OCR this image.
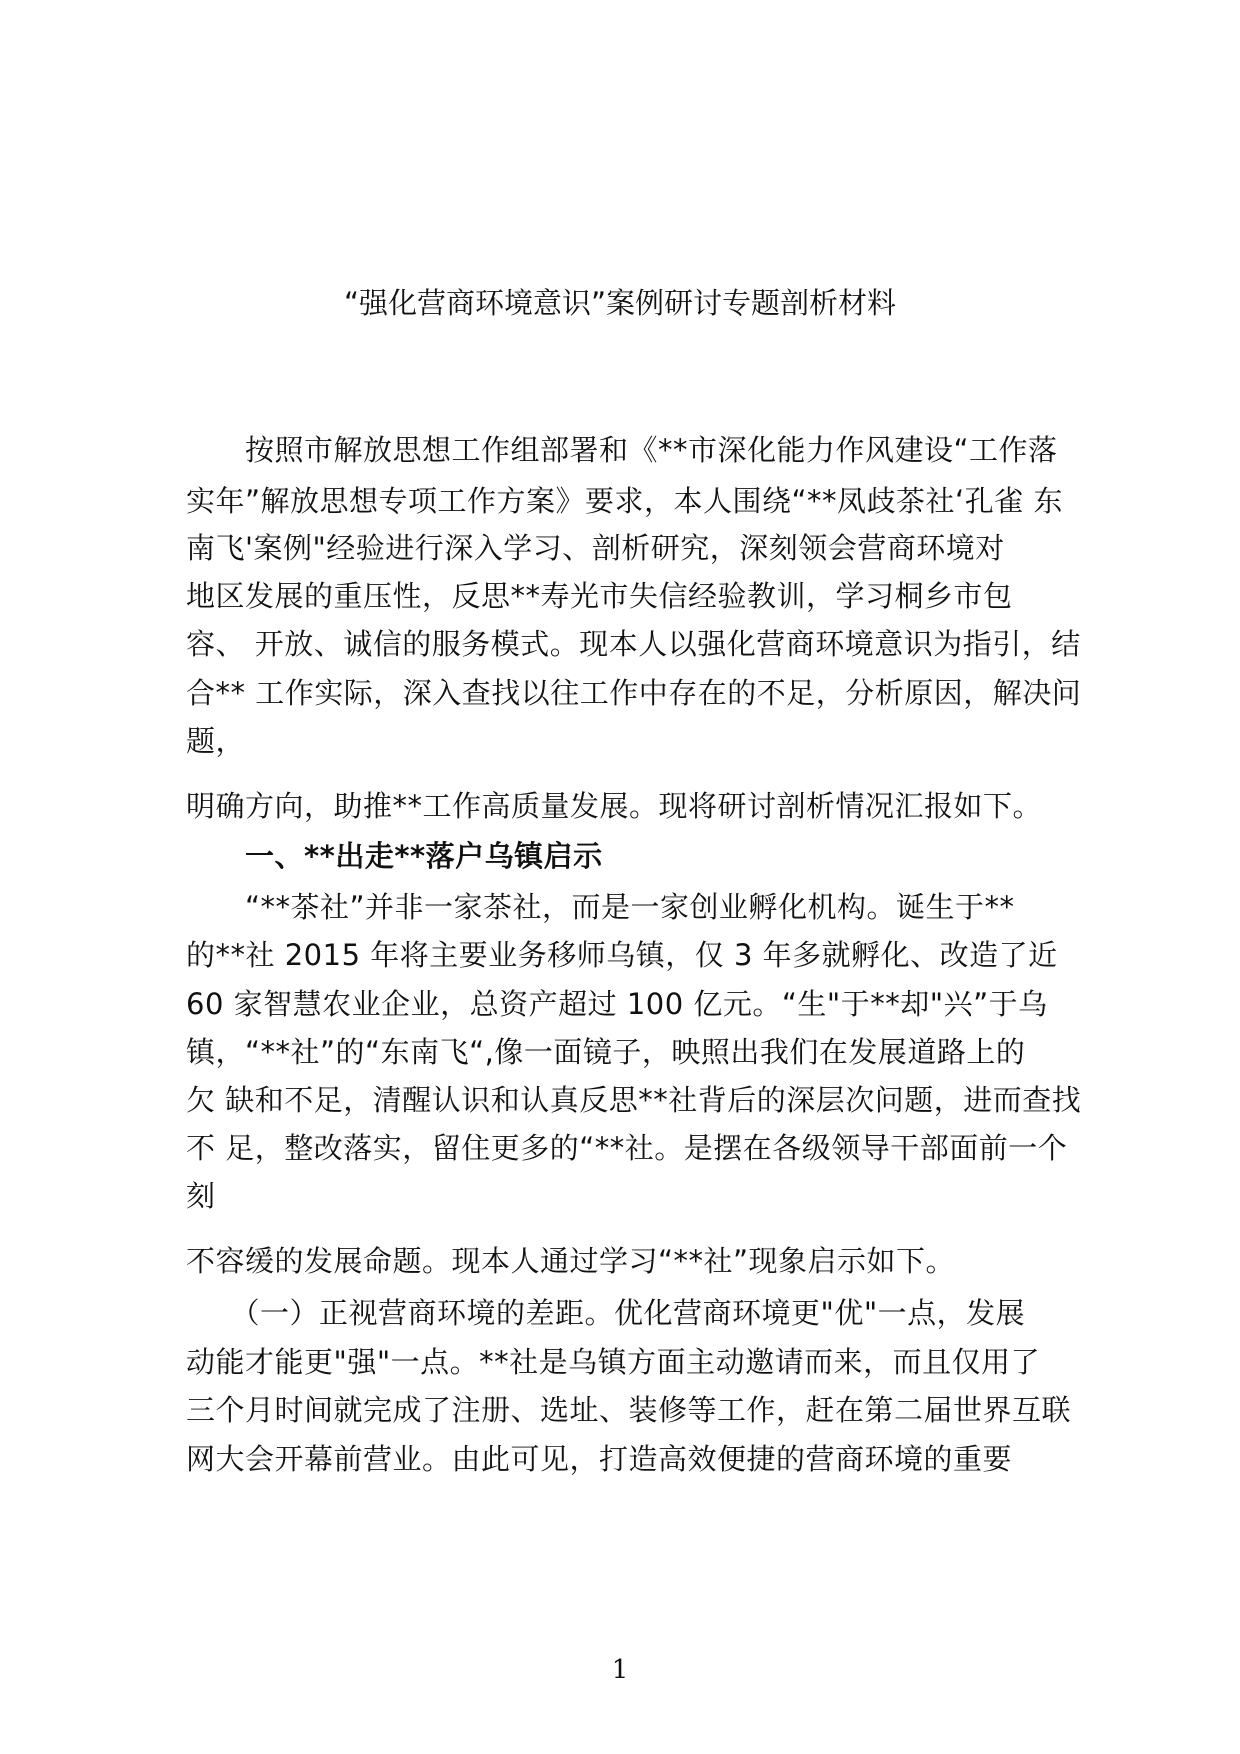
“强化营商环境意识”案例研讨专题剖析材料
　　按照市解放思想工作组部署和《**市深化能力作风建设“工作落
实年”解放思想专项工作方案》要求，本人围绕“**凤歧茶社‘孔雀 东
南飞'案例"经验进行深入学习、剖析研究，深刻领会营商环境对
地区发展的重压性，反思**寿光市失信经验教训，学习桐乡市包
容、 开放、诚信的服务模式。现本人以强化营商环境意识为指引，结
合** 工作实际，深入查找以往工作中存在的不足，分析原因，解决问
题，
明确方向，助推**工作高质量发展。现将研讨剖析情况汇报如下。
　　一、**出走**落户乌镇启示
　　“**茶社”并非一家茶社，而是一家创业孵化机构。诞生于**
的**社 2015 年将主要业务移师乌镇，仅 3 年多就孵化、改造了近
60 家智慧农业企业，总资产超过 100 亿元。“生"于**却"兴”于乌
镇，“**社”的“东南飞“,像一面镜子，映照出我们在发展道路上的
欠 缺和不足，清醒认识和认真反思**社背后的深层次问题，进而查找
不 足，整改落实，留住更多的“**社。是摆在各级领导干部面前一个
刻
不容缓的发展命题。现本人通过学习“**社”现象启示如下。
　　（一）正视营商环境的差距。优化营商环境更"优"一点，发展
动能才能更"强"一点。**社是乌镇方面主动邀请而来，而且仅用了
三个月时间就完成了注册、选址、装修等工作，赶在第二届世界互联
网大会开幕前营业。由此可见，打造高效便捷的营商环境的重要
1
